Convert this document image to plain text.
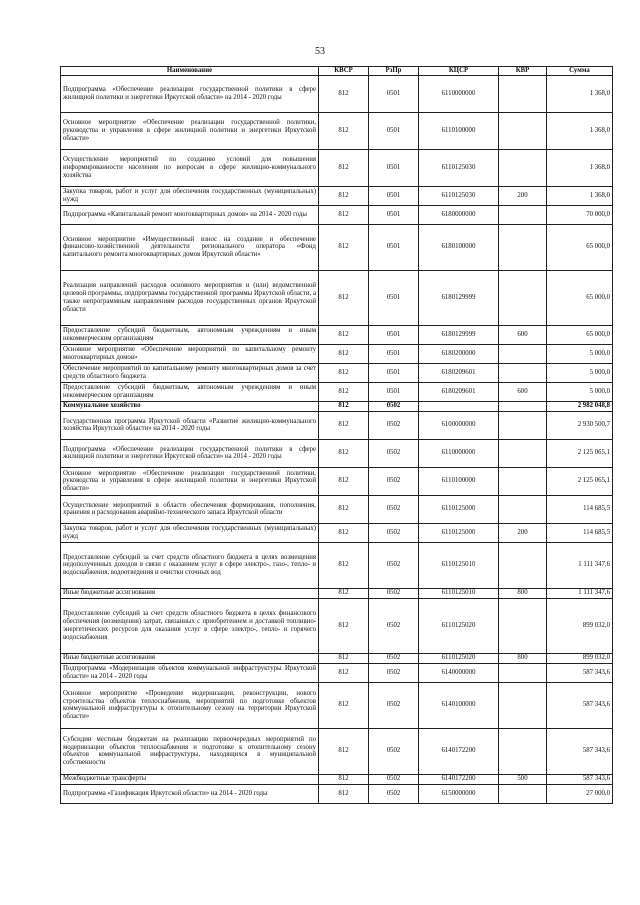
53
Наименование	КВСР	РзПр	КЦСР	КВР	Сумма
Подпрограмма «Обеспечение реализации государственной политики в сфере жилищной политики и энергетики Иркутской области» на 2014 - 2020 годы	812	0501	6110000000		1 368,0
Основное мероприятие «Обеспечение реализации государственной политики, руководства и управления в сфере жилищной политики и энергетики Иркутской области»	812	0501	6110100000		1 368,0
Осуществление мероприятий по созданию условий для повышения информированности населения по вопросам в сфере жилищно-коммунального хозяйства	812	0501	6110125030		1 368,0
Закупка товаров, работ и услуг для обеспечения государственных (муниципальных) нужд	812	0501	6110125030	200	1 368,0
Подпрограмма «Капитальный ремонт многоквартирных домов» на 2014 - 2020 годы	812	0501	6180000000		70 000,0
Основное мероприятие «Имущественный взнос на создание и обеспечение финансово-хозяйственной деятельности регионального оператора «Фонд капитального ремонта многоквартирных домов Иркутской области»	812	0501	6180100000		65 000,0
Реализация направлений расходов основного мероприятия и (или) ведомственной целевой программы, подпрограммы государственной программы Иркутской области, а также непрограммным направлениям расходов государственных органов Иркутской области	812	0501	6180129999		65 000,0
Предоставление субсидий бюджетным, автономным учреждениям и иным некоммерческим организациям	812	0501	6180129999	600	65 000,0
Основное мероприятие «Обеспечение мероприятий по капитальному ремонту многоквартирных домов»	812	0501	6180200000		5 000,0
Обеспечение мероприятий по капитальному ремонту многоквартирных домов за счет средств областного бюджета	812	0501	6180209601		5 000,0
Предоставление субсидий бюджетным, автономным учреждениям и иным некоммерческим организациям	812	0501	6180209601	600	5 000,0
Коммунальное хозяйство	812	0502			2 982 048,8
Государственная программа Иркутской области «Развитие жилищно-коммунального хозяйства Иркутской области» на 2014 - 2020 годы	812	0502	6100000000		2 930 500,7
Подпрограмма «Обеспечение реализации государственной политики в сфере жилищной политики и энергетики Иркутской области» на 2014 - 2020 годы	812	0502	6110000000		2 125 065,1
Основное мероприятие «Обеспечение реализации государственной политики, руководства и управления в сфере жилищной политики и энергетики Иркутской области»	812	0502	6110100000		2 125 065,1
Осуществление мероприятий в области обеспечения формирования, пополнения, хранения и расходования аварийно-технического запаса Иркутской области	812	0502	6110125000		114 685,5
Закупка товаров, работ и услуг для обеспечения государственных (муниципальных) нужд	812	0502	6110125000	200	114 685,5
Предоставление субсидий за счет средств областного бюджета в целях возмещения недополученных доходов в связи с оказанием услуг в сфере электро-, газо-, тепло- и водоснабжения, водоотведения и очистки сточных вод	812	0502	6110125010		1 111 347,6
Иные бюджетные ассигнования	812	0502	6110125010	800	1 111 347,6
Предоставление субсидий за счет средств областного бюджета в целях финансового обеспечения (возмещения) затрат, связанных с приобретением и доставкой топливно-энергетических ресурсов для оказания услуг в сфере электро-, тепло- и горячего водоснабжения	812	0502	6110125020		899 032,0
Иные бюджетные ассигнования	812	0502	6110125020	800	899 032,0
Подпрограмма «Модернизация объектов коммунальной инфраструктуры Иркутской области» на 2014 - 2020 годы	812	0502	6140000000		587 343,6
Основное мероприятие «Проведение модернизации, реконструкции, нового строительства объектов теплоснабжения, мероприятий по подготовке объектов коммунальной инфраструктуры к отопительному сезону на территории Иркутской области»	812	0502	6140100000		587 343,6
Субсидии местным бюджетам на реализацию первоочередных мероприятий по модернизации объектов теплоснабжения и подготовке к отопительному сезону объектов коммунальной инфраструктуры, находящихся в муниципальной собственности	812	0502	6140172200		587 343,6
Межбюджетные трансферты	812	0502	6140172200	500	587 343,6
Подпрограмма «Газификация Иркутской области» на 2014 - 2020 годы	812	0502	6150000000		27 000,0
